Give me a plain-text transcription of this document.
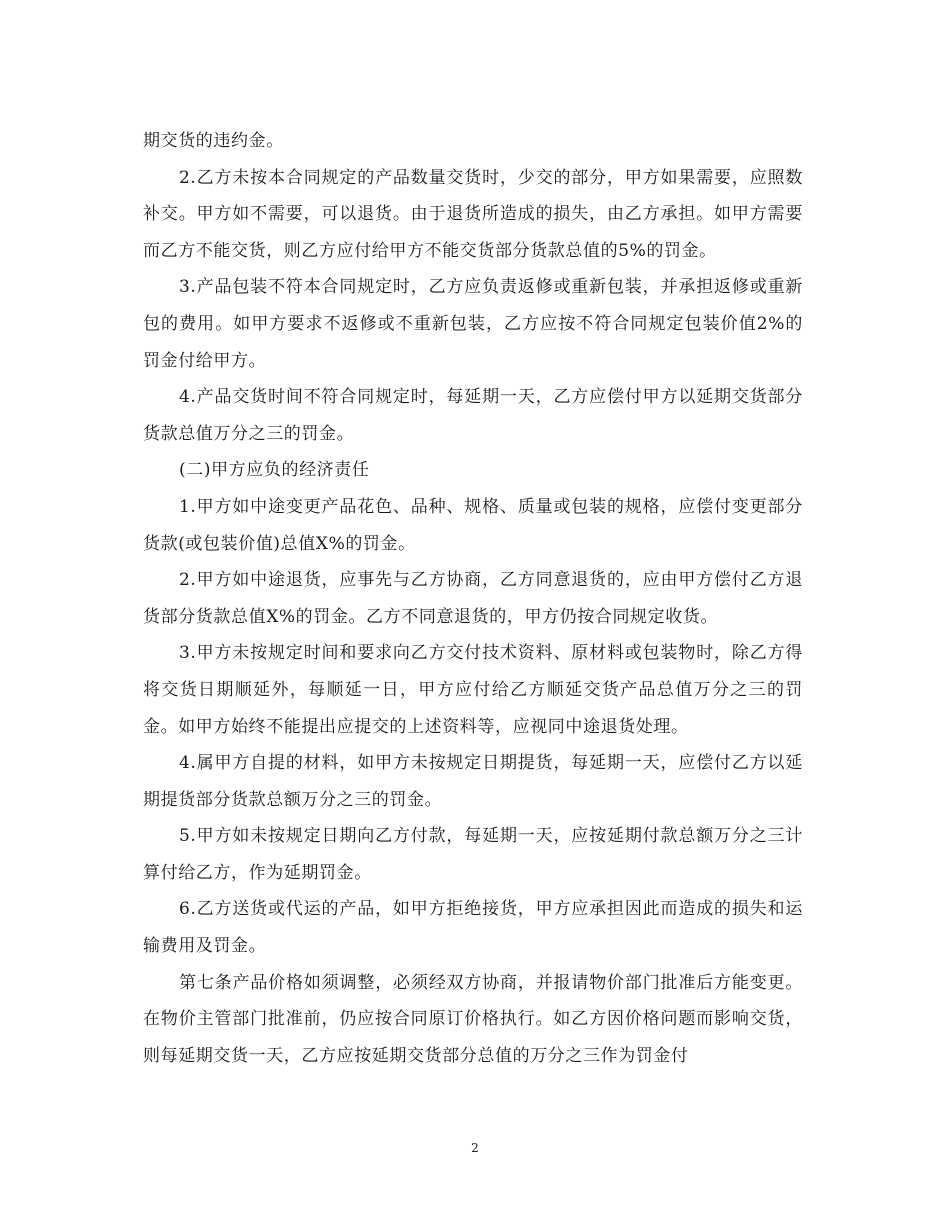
期交货的违约金。

2.乙方未按本合同规定的产品数量交货时，少交的部分，甲方如果需要，应照数补交。甲方如不需要，可以退货。由于退货所造成的损失，由乙方承担。如甲方需要而乙方不能交货，则乙方应付给甲方不能交货部分货款总值的5%的罚金。

3.产品包装不符本合同规定时，乙方应负责返修或重新包装，并承担返修或重新包的费用。如甲方要求不返修或不重新包装，乙方应按不符合同规定包装价值2%的罚金付给甲方。

4.产品交货时间不符合同规定时，每延期一天，乙方应偿付甲方以延期交货部分货款总值万分之三的罚金。

(二)甲方应负的经济责任

1.甲方如中途变更产品花色、品种、规格、质量或包装的规格，应偿付变更部分货款(或包装价值)总值X%的罚金。

2.甲方如中途退货，应事先与乙方协商，乙方同意退货的，应由甲方偿付乙方退货部分货款总值X%的罚金。乙方不同意退货的，甲方仍按合同规定收货。

3.甲方未按规定时间和要求向乙方交付技术资料、原材料或包装物时，除乙方得将交货日期顺延外，每顺延一日，甲方应付给乙方顺延交货产品总值万分之三的罚金。如甲方始终不能提出应提交的上述资料等，应视同中途退货处理。

4.属甲方自提的材料，如甲方未按规定日期提货，每延期一天，应偿付乙方以延期提货部分货款总额万分之三的罚金。

5.甲方如未按规定日期向乙方付款，每延期一天，应按延期付款总额万分之三计算付给乙方，作为延期罚金。

6.乙方送货或代运的产品，如甲方拒绝接货，甲方应承担因此而造成的损失和运输费用及罚金。

第七条产品价格如须调整，必须经双方协商，并报请物价部门批准后方能变更。在物价主管部门批准前，仍应按合同原订价格执行。如乙方因价格问题而影响交货，则每延期交货一天，乙方应按延期交货部分总值的万分之三作为罚金付

2
